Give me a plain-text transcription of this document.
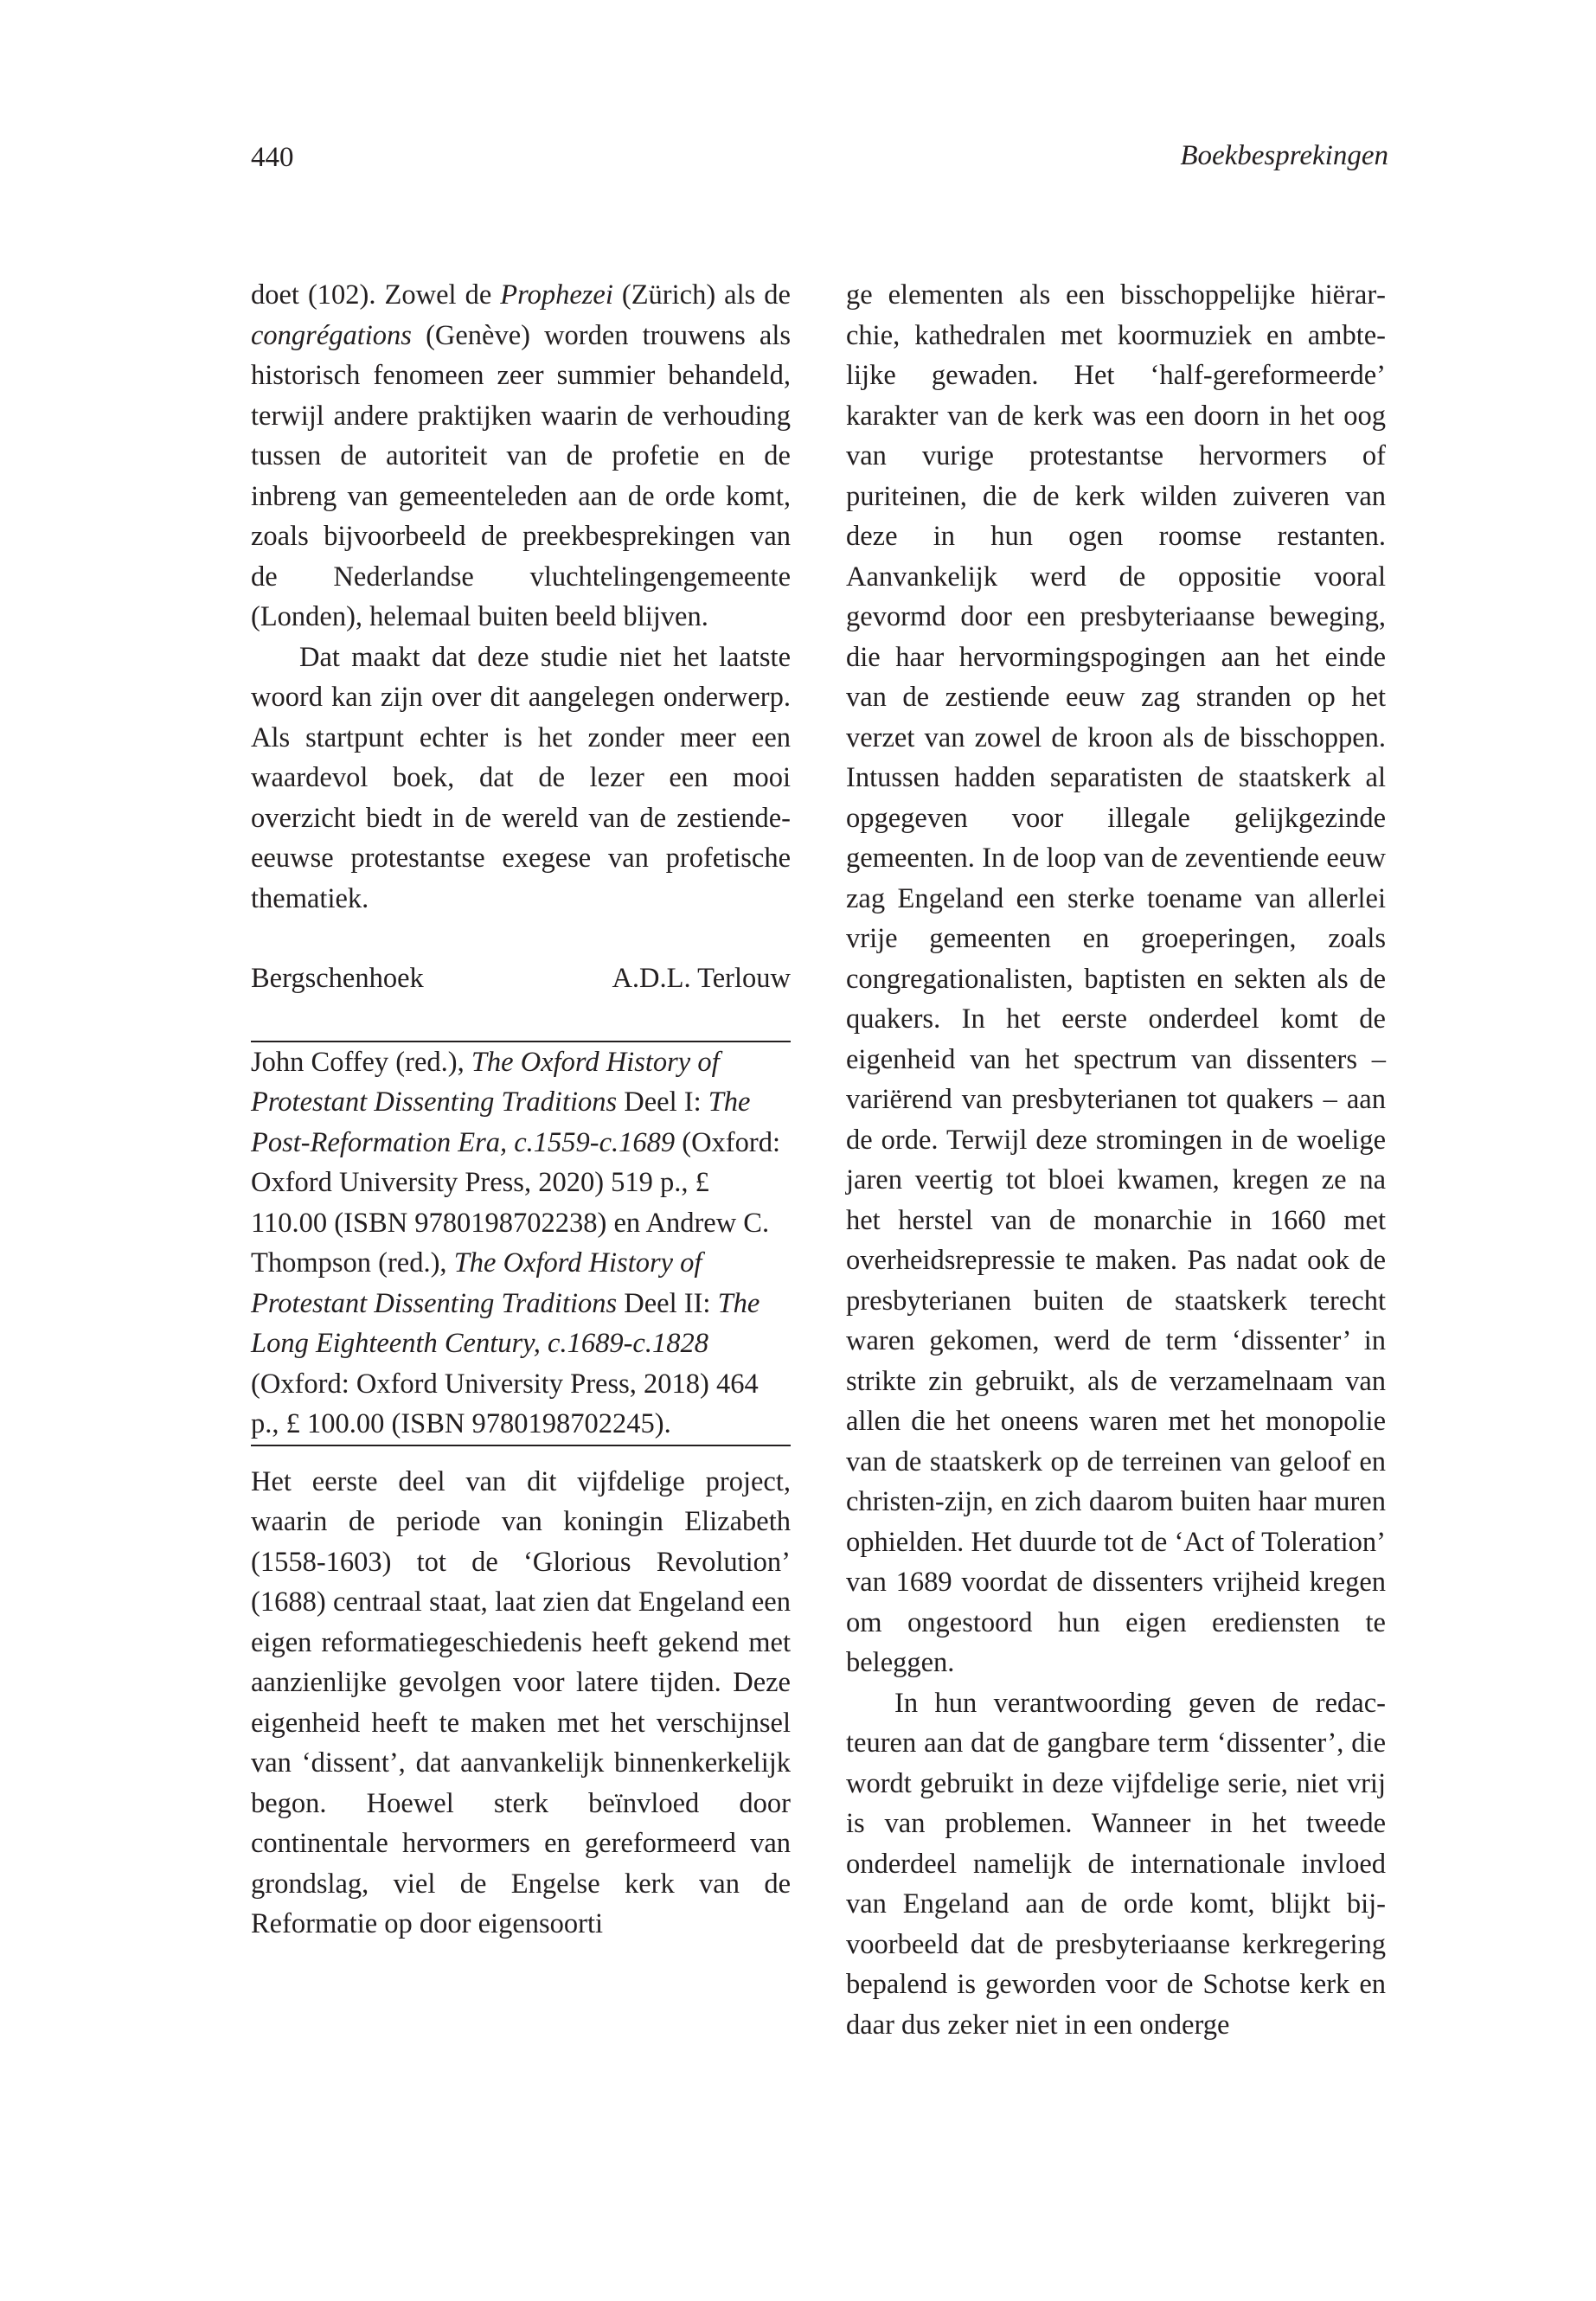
440	Boekbesprekingen

doet (102). Zowel de Prophezei (Zürich) als de congrégations (Genève) worden trouwens als historisch fenomeen zeer summier behandeld, terwijl andere praktijken waarin de verhouding tussen de autoriteit van de profetie en de inbreng van gemeenteleden aan de orde komt, zoals bijvoorbeeld de preekbesprekingen van de Nederlandse vluchtelingengemeente (Londen), helemaal buiten beeld blijven.

Dat maakt dat deze studie niet het laatste woord kan zijn over dit aangelegen onderwerp. Als startpunt echter is het zonder meer een waardevol boek, dat de lezer een mooi overzicht biedt in de wereld van de zestiende-eeuwse protestantse exegese van profetische thematiek.

Bergschenhoek	A.D.L. Terlouw

John Coffey (red.), The Oxford History of Protestant Dissenting Traditions Deel I: The Post-Reformation Era, c.1559-c.1689 (Oxford: Oxford University Press, 2020) 519 p., £ 110.00 (ISBN 9780198702238) en Andrew C. Thompson (red.), The Oxford History of Protestant Dissenting Traditions Deel II: The Long Eighteenth Century, c.1689-c.1828 (Oxford: Oxford University Press, 2018) 464 p., £ 100.00 (ISBN 9780198702245).

Het eerste deel van dit vijfdelige project, waarin de periode van koningin Elizabeth (1558-1603) tot de ‘Glorious Revolution’ (1688) centraal staat, laat zien dat Engeland een eigen reformatiegeschiedenis heeft gekend met aanzienlijke gevolgen voor latere tijden. Deze eigenheid heeft te maken met het verschijnsel van ‘dissent’, dat aanvankelijk binnenkerkelijk begon. Hoewel sterk beïnvloed door continentale hervormers en gereformeerd van grondslag, viel de Engelse kerk van de Reformatie op door eigensoorti

ge elementen als een bisschoppelijke hiërarchie, kathedralen met koormuziek en ambtelijke gewaden. Het ‘half-gereformeerde’ karakter van de kerk was een doorn in het oog van vurige protestantse hervormers of puriteinen, die de kerk wilden zuiveren van deze in hun ogen roomse restanten. Aanvankelijk werd de oppositie vooral gevormd door een presbyteriaanse beweging, die haar hervormingspogingen aan het einde van de zestiende eeuw zag stranden op het verzet van zowel de kroon als de bisschoppen. Intussen hadden separatisten de staatskerk al opgegeven voor illegale gelijkgezinde gemeenten. In de loop van de zeventiende eeuw zag Engeland een sterke toename van allerlei vrije gemeenten en groeperingen, zoals congregationalisten, baptisten en sekten als de quakers. In het eerste onderdeel komt de eigenheid van het spectrum van dissenters – variërend van presbyterianen tot quakers – aan de orde. Terwijl deze stromingen in de woelige jaren veertig tot bloei kwamen, kregen ze na het herstel van de monarchie in 1660 met overheidsrepressie te maken. Pas nadat ook de presbyterianen buiten de staatskerk terecht waren gekomen, werd de term ‘dissenter’ in strikte zin gebruikt, als de verzamelnaam van allen die het oneens waren met het monopolie van de staatskerk op de terreinen van geloof en christen-zijn, en zich daarom buiten haar muren ophielden. Het duurde tot de ‘Act of Toleration’ van 1689 voordat de dissenters vrijheid kregen om ongestoord hun eigen erediensten te beleggen.

In hun verantwoording geven de redacteuren aan dat de gangbare term ‘dissenter’, die wordt gebruikt in deze vijfdelige serie, niet vrij is van problemen. Wanneer in het tweede onderdeel namelijk de internationale invloed van Engeland aan de orde komt, blijkt bijvoorbeeld dat de presbyteriaanse kerkregering bepalend is geworden voor de Schotse kerk en daar dus zeker niet in een onderge
